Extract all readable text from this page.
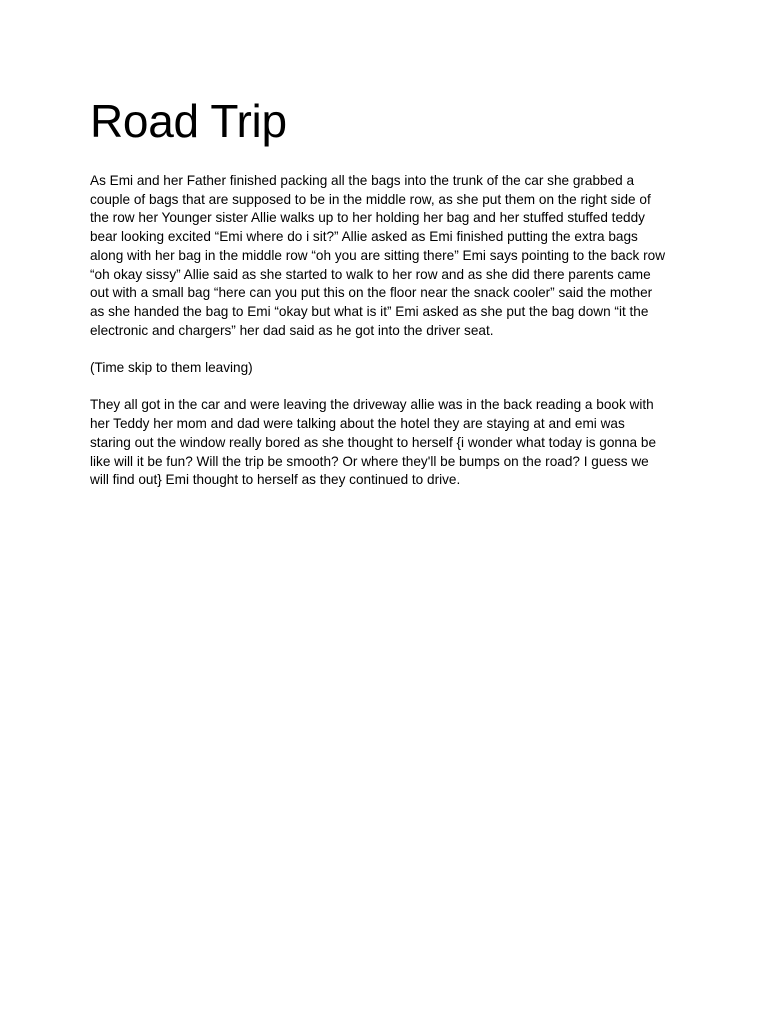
Road Trip

As Emi and her Father finished packing all the bags into the trunk of the car she grabbed a
couple of bags that are supposed to be in the middle row, as she put them on the right side of
the row her Younger sister Allie walks up to her holding her bag and her stuffed stuffed teddy
bear looking excited “Emi where do i sit?” Allie asked as Emi finished putting the extra bags
along with her bag in the middle row “oh you are sitting there” Emi says pointing to the back row
“oh okay sissy” Allie said as she started to walk to her row and as she did there parents came
out with a small bag “here can you put this on the floor near the snack cooler” said the mother
as she handed the bag to Emi “okay but what is it” Emi asked as she put the bag down “it the
electronic and chargers” her dad said as he got into the driver seat.

(Time skip to them leaving)

They all got in the car and were leaving the driveway allie was in the back reading a book with
her Teddy her mom and dad were talking about the hotel they are staying at and emi was
staring out the window really bored as she thought to herself {i wonder what today is gonna be
like will it be fun? Will the trip be smooth? Or where they'll be bumps on the road? I guess we
will find out} Emi thought to herself as they continued to drive.
